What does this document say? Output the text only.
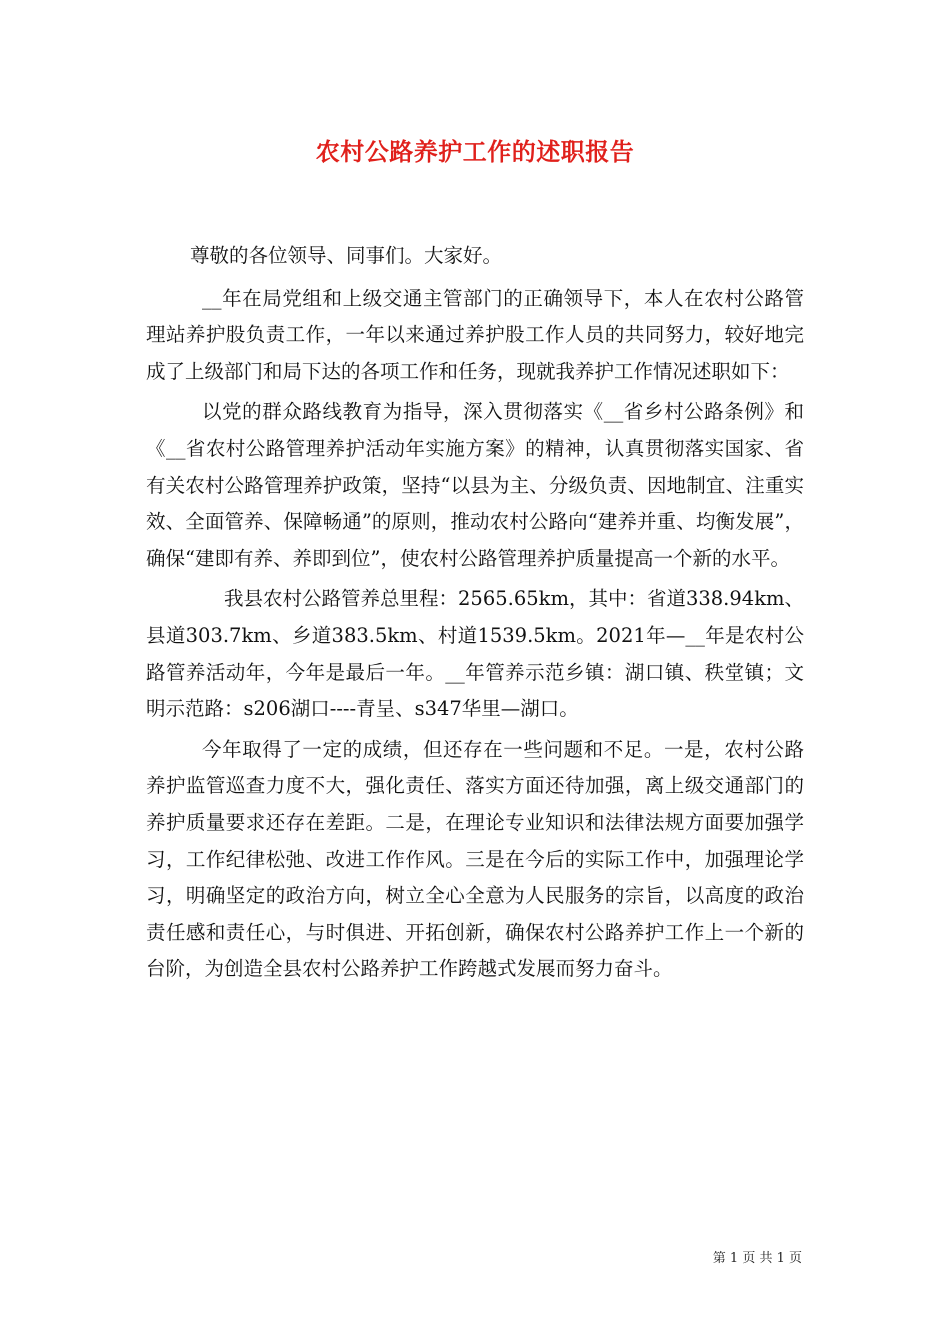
农村公路养护工作的述职报告

尊敬的各位领导、同事们。大家好。

__年在局党组和上级交通主管部门的正确领导下，本人在农村公路管理站养护股负责工作，一年以来通过养护股工作人员的共同努力，较好地完成了上级部门和局下达的各项工作和任务，现就我养护工作情况述职如下：

以党的群众路线教育为指导，深入贯彻落实《__省乡村公路条例》和《__省农村公路管理养护活动年实施方案》的精神，认真贯彻落实国家、省有关农村公路管理养护政策，坚持“以县为主、分级负责、因地制宜、注重实效、全面管养、保障畅通”的原则，推动农村公路向“建养并重、均衡发展”，确保“建即有养、养即到位”，使农村公路管理养护质量提高一个新的水平。

我县农村公路管养总里程：2565.65km，其中：省道338.94km、县道303.7km、乡道383.5km、村道1539.5km。2021年—__年是农村公路管养活动年，今年是最后一年。__年管养示范乡镇：湖口镇、秩堂镇；文明示范路：s206湖口----青呈、s347华里—湖口。

今年取得了一定的成绩，但还存在一些问题和不足。一是，农村公路养护监管巡查力度不大，强化责任、落实方面还待加强，离上级交通部门的养护质量要求还存在差距。二是，在理论专业知识和法律法规方面要加强学习，工作纪律松弛、改进工作作风。三是在今后的实际工作中，加强理论学习，明确坚定的政治方向，树立全心全意为人民服务的宗旨，以高度的政治责任感和责任心，与时俱进、开拓创新，确保农村公路养护工作上一个新的台阶，为创造全县农村公路养护工作跨越式发展而努力奋斗。

第 1 页 共 1 页
